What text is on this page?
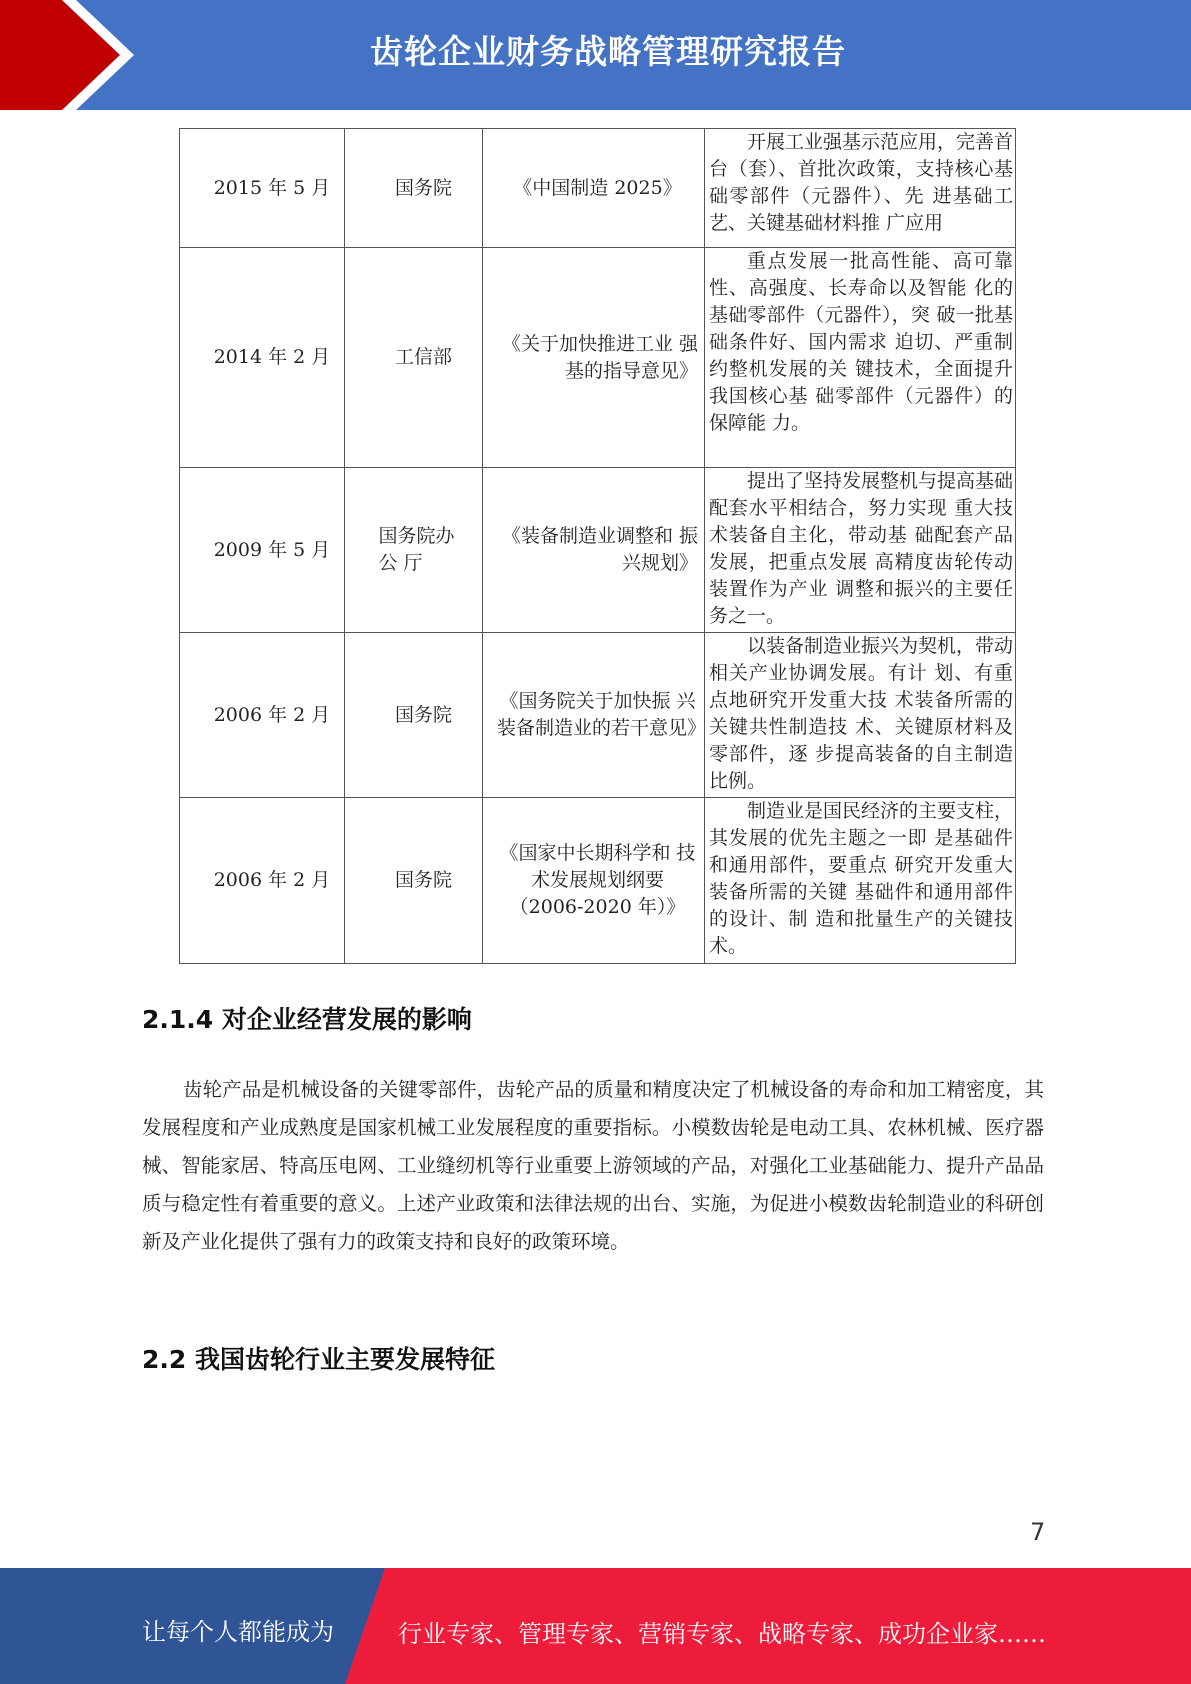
齿轮企业财务战略管理研究报告
2015 年 5 月	国务院	《中国制造 2025》	开展工业强基示范应用，完善首台（套）、首批次政策，支持核心基础零部件（元器件）、先 进基础工艺、关键基础材料推 广应用

2014 年 2 月	工信部	《关于加快推进工业 强基的指导意见》	重点发展一批高性能、高可靠性、高强度、长寿命以及智能 化的基础零部件（元器件），突 破一批基础条件好、国内需求 迫切、严重制约整机发展的关 键技术，全面提升我国核心基 础零部件（元器件）的保障能 力。

2009 年 5 月	国务院办公 厅	《装备制造业调整和 振兴规划》	提出了坚持发展整机与提高基础配套水平相结合，努力实现 重大技术装备自主化，带动基 础配套产品发展，把重点发展 高精度齿轮传动装置作为产业 调整和振兴的主要任务之一。

2006 年 2 月	国务院	《国务院关于加快振 兴装备制造业的若干意见》	以装备制造业振兴为契机，带动相关产业协调发展。有计 划、有重点地研究开发重大技 术装备所需的关键共性制造技 术、关键原材料及零部件，逐 步提高装备的自主制造比例。

2006 年 2 月	国务院	《国家中长期科学和 技术发展规划纲要（2006-2020 年）》	制造业是国民经济的主要支柱，其发展的优先主题之一即 是基础件和通用部件，要重点 研究开发重大装备所需的关键 基础件和通用部件的设计、制 造和批量生产的关键技术。
2.1.4 对企业经营发展的影响
齿轮产品是机械设备的关键零部件，齿轮产品的质量和精度决定了机械设备的寿命和加工精密度，其发展程度和产业成熟度是国家机械工业发展程度的重要指标。小模数齿轮是电动工具、农林机械、医疗器械、智能家居、特高压电网、工业缝纫机等行业重要上游领域的产品，对强化工业基础能力、提升产品品质与稳定性有着重要的意义。上述产业政策和法律法规的出台、实施，为促进小模数齿轮制造业的科研创新及产业化提供了强有力的政策支持和良好的政策环境。
2.2 我国齿轮行业主要发展特征
7
让每个人都能成为	行业专家、管理专家、营销专家、战略专家、成功企业家……
